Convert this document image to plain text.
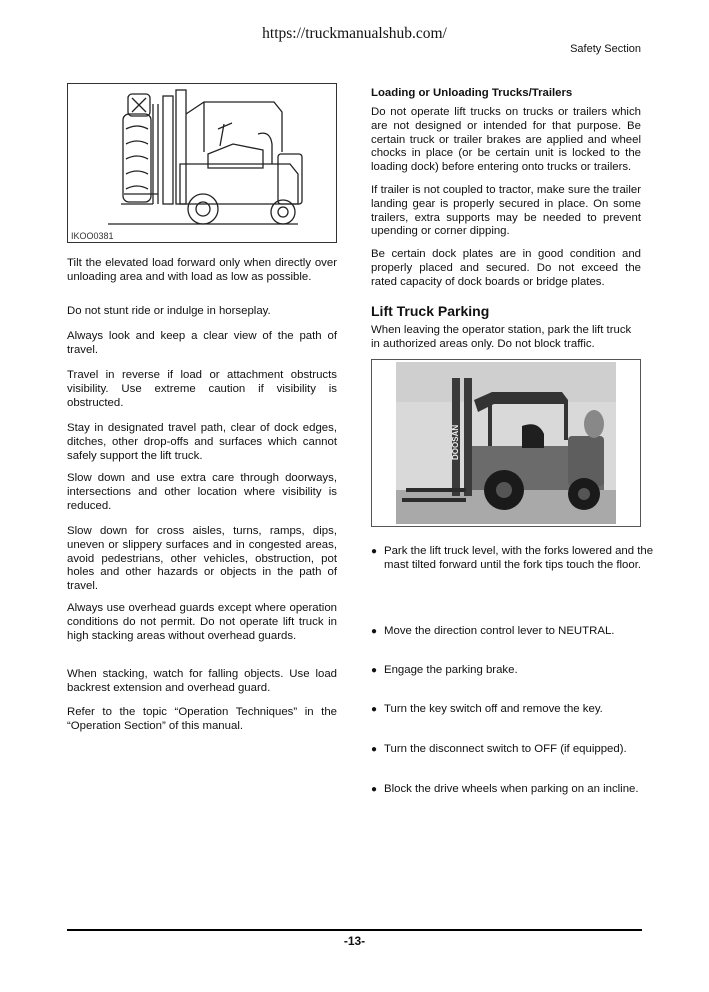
https://truckmanualshub.com/
Safety Section
IKOO0381

Tilt the elevated load forward only when directly over unloading area and with load as low as possible.

Do not stunt ride or indulge in horseplay.

Always look and keep a clear view of the path of travel.

Travel in reverse if load or attachment obstructs visibility. Use extreme caution if visibility is obstructed.

Stay in designated travel path, clear of dock edges, ditches, other drop-offs and surfaces which cannot safely support the lift truck.

Slow down and use extra care through doorways, intersections and other location where visibility is reduced.

Slow down for cross aisles, turns, ramps, dips, uneven or slippery surfaces and in congested areas, avoid pedestrians, other vehicles, obstruction, pot holes and other hazards or objects in the path of travel.

Always use overhead guards except where operation conditions do not permit. Do not operate lift truck in high stacking areas without overhead guards.

When stacking, watch for falling objects. Use load backrest extension and overhead guard.

Refer to the topic “Operation Techniques” in the “Operation Section” of this manual.

Loading or Unloading Trucks/Trailers

Do not operate lift trucks on trucks or trailers which are not designed or intended for that purpose. Be certain truck or trailer brakes are applied and wheel chocks in place (or be certain unit is locked to the loading dock) before entering onto trucks or trailers.

If trailer is not coupled to tractor, make sure the trailer landing gear is properly secured in place. On some trailers, extra supports may be needed to prevent upending or corner dipping.

Be certain dock plates are in good condition and properly placed and secured. Do not exceed the rated capacity of dock boards or bridge plates.

Lift Truck Parking

When leaving the operator station, park the lift truck in authorized areas only. Do not block traffic.

DOOSAN
● Park the lift truck level, with the forks lowered and the mast tilted forward until the fork tips touch the floor.
● Move the direction control lever to NEUTRAL.
● Engage the parking brake.
● Turn the key switch off and remove the key.
● Turn the disconnect switch to OFF (if equipped).
● Block the drive wheels when parking on an incline.
-13-
